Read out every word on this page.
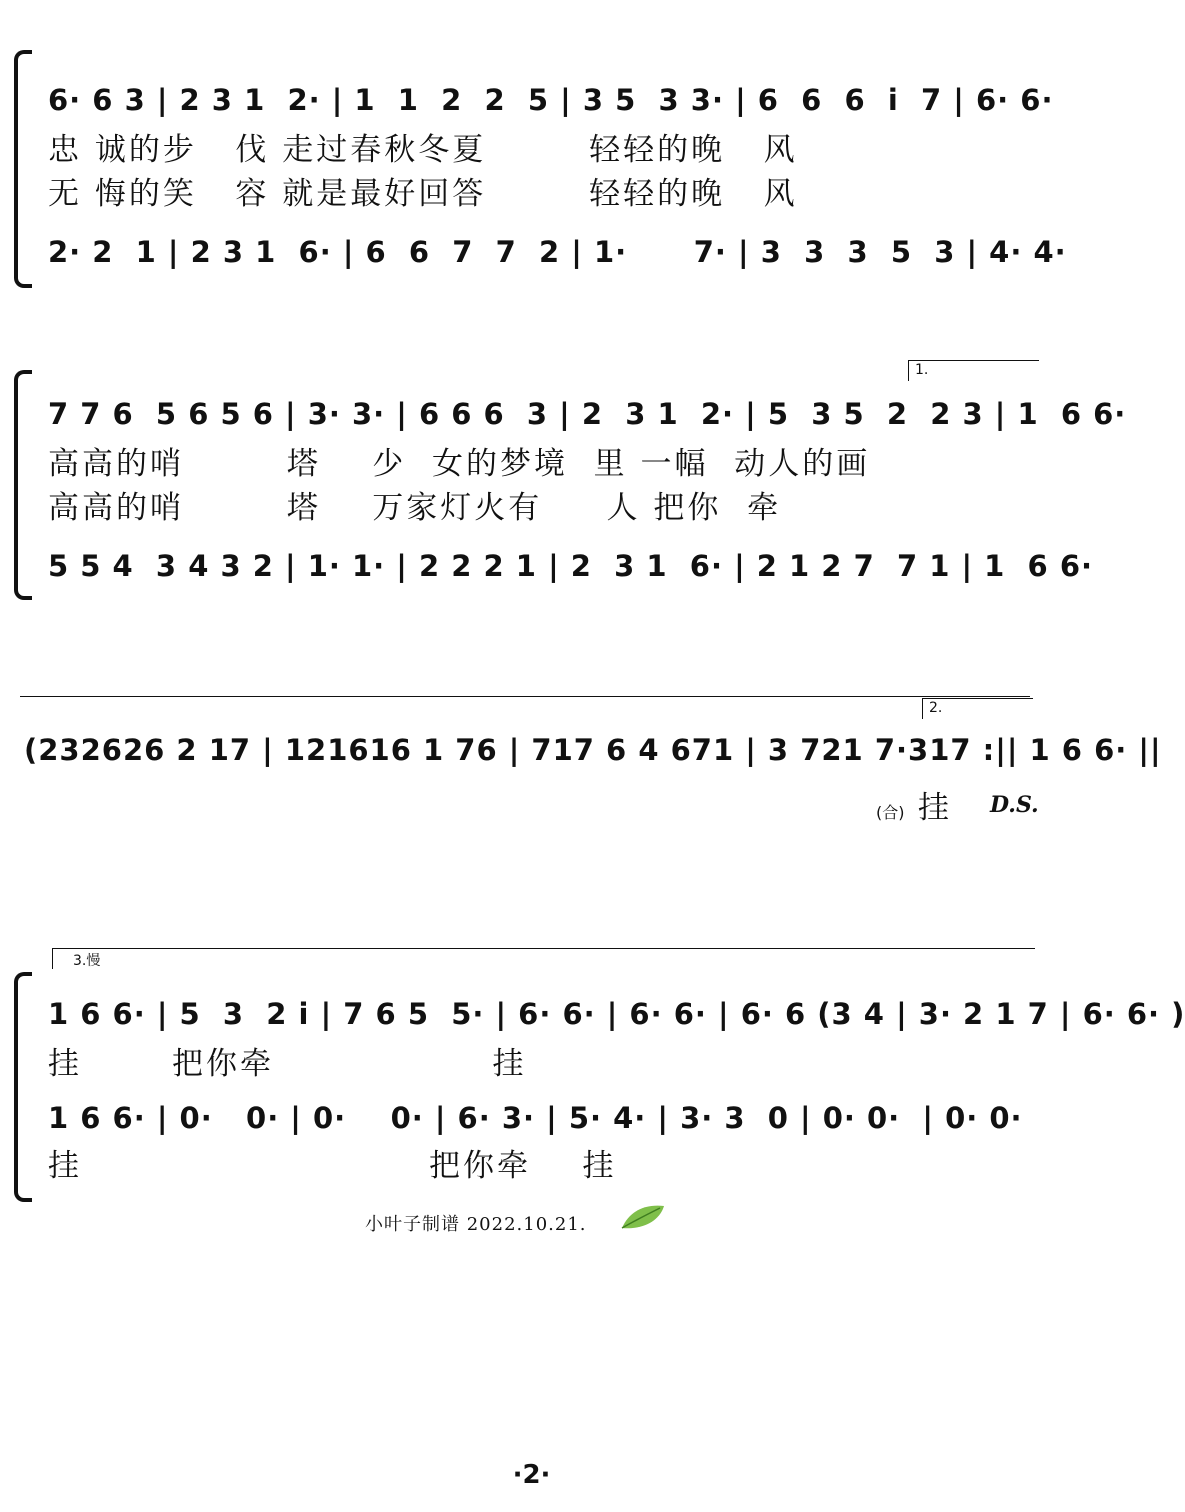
6· 6 3 | 2 3 1  2· | 1  1  2  2  5 | 3 5  3 3· | 6  6  6  i  7 | 6· 6·
忠 诚的步   伐 走过春秋冬夏        轻轻的晚   风
无 悔的笑   容 就是最好回答        轻轻的晚   风
2· 2  1 | 2 3 1  6· | 6  6  7  7  2 | 1·      7· | 3  3  3  5  3 | 4· 4·
1.
7 7 6  5 6 5 6 | 3· 3· | 6 6 6  3 | 2  3 1  2· | 5  3 5  2  2 3 | 1  6 6·
高高的哨        塔    少  女的梦境  里 一幅  动人的画
高高的哨        塔    万家灯火有     人 把你  牵
5 5 4  3 4 3 2 | 1· 1· | 2 2 2 1 | 2  3 1  6· | 2 1 2 7  7 1 | 1  6 6·
2.
(232626 2 17 | 121616 1 76 | 717 6 4 671 | 3 721 7·317 :|| 1 6 6· ||
(合) 挂 D.S.
3.慢
1 6 6· | 5  3  2 i | 7 6 5  5· | 6· 6· | 6· 6· | 6· 6 (3 4 | 3· 2 1 7 | 6· 6· )
挂       把你牵                 挂
1 6 6· | 0·   0· | 0·    0· | 6· 3· | 5· 4· | 3· 3  0 | 0· 0·  | 0· 0·
挂                           把你牵    挂
小叶子制谱 2022.10.21.
·2·
